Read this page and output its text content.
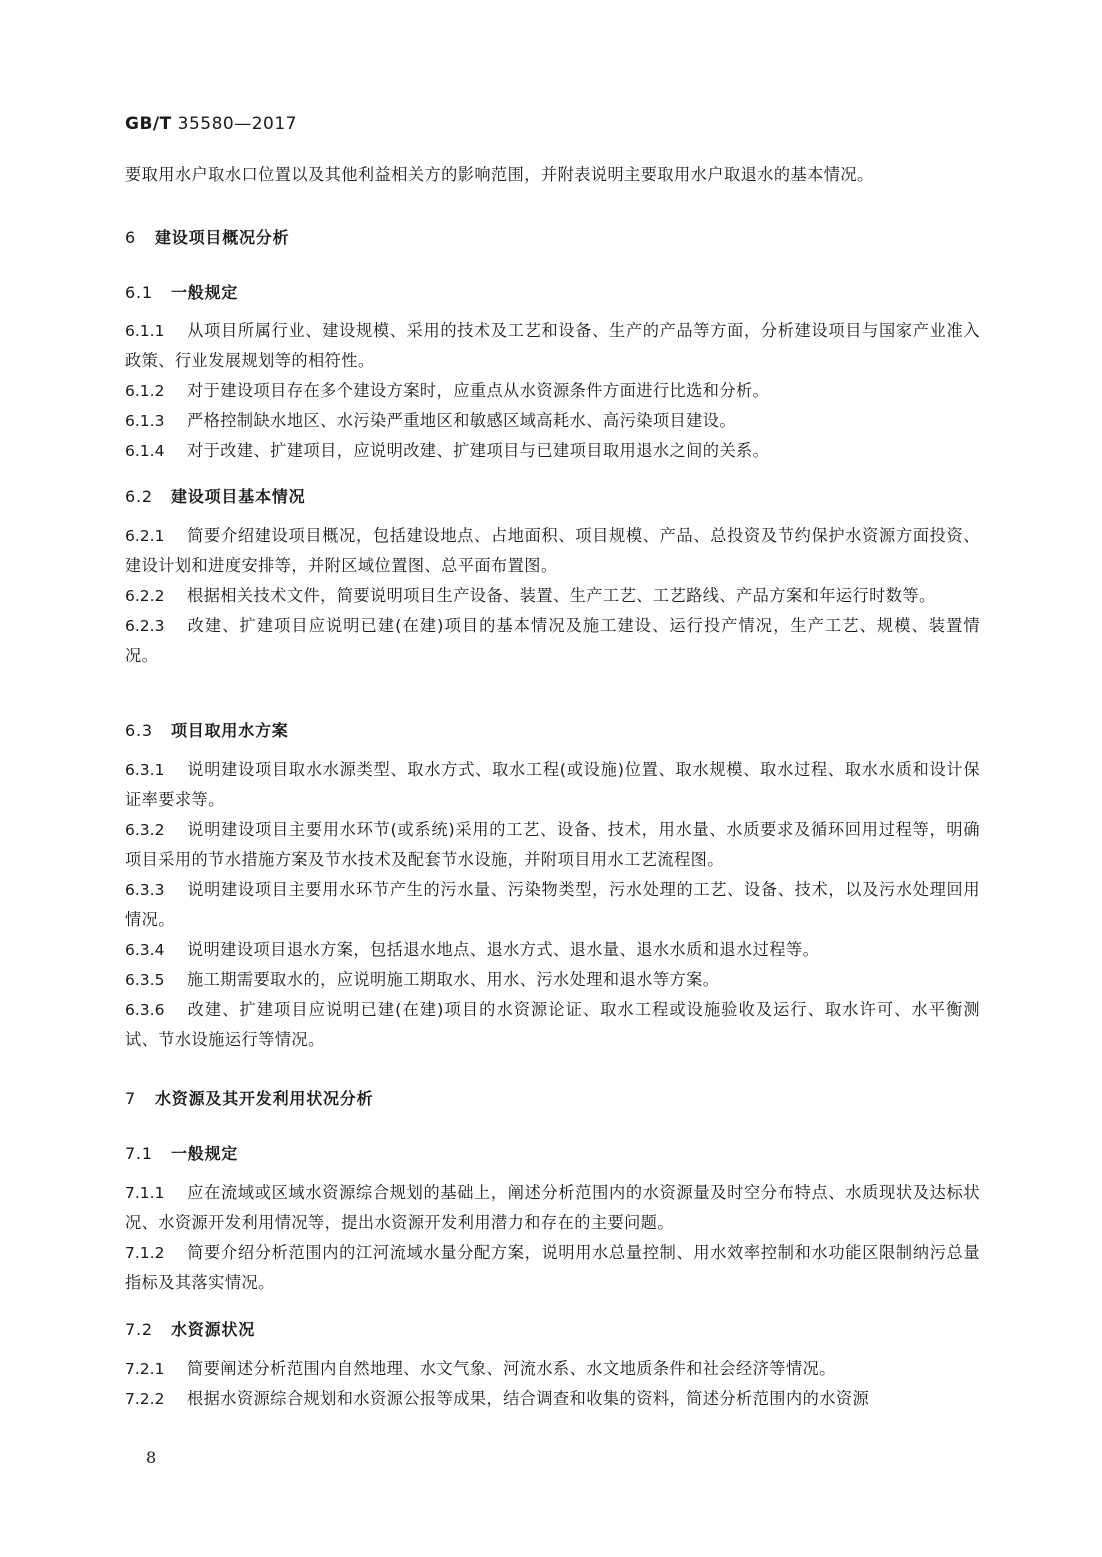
GB/T 35580—2017

要取用水户取水口位置以及其他利益相关方的影响范围，并附表说明主要取用水户取退水的基本情况。

6 建设项目概况分析
6.1 一般规定

6.1.1 从项目所属行业、建设规模、采用的技术及工艺和设备、生产的产品等方面，分析建设项目与国家产业准入政策、行业发展规划等的相符性。

6.1.2 对于建设项目存在多个建设方案时，应重点从水资源条件方面进行比选和分析。

6.1.3 严格控制缺水地区、水污染严重地区和敏感区域高耗水、高污染项目建设。

6.1.4 对于改建、扩建项目，应说明改建、扩建项目与已建项目取用退水之间的关系。

6.2 建设项目基本情况

6.2.1 简要介绍建设项目概况，包括建设地点、占地面积、项目规模、产品、总投资及节约保护水资源方面投资、建设计划和进度安排等，并附区域位置图、总平面布置图。

6.2.2 根据相关技术文件，简要说明项目生产设备、装置、生产工艺、工艺路线、产品方案和年运行时数等。

6.2.3 改建、扩建项目应说明已建(在建)项目的基本情况及施工建设、运行投产情况，生产工艺、规模、装置情况。

6.3 项目取用水方案

6.3.1 说明建设项目取水水源类型、取水方式、取水工程(或设施)位置、取水规模、取水过程、取水水质和设计保证率要求等。

6.3.2 说明建设项目主要用水环节(或系统)采用的工艺、设备、技术，用水量、水质要求及循环回用过程等，明确项目采用的节水措施方案及节水技术及配套节水设施，并附项目用水工艺流程图。

6.3.3 说明建设项目主要用水环节产生的污水量、污染物类型，污水处理的工艺、设备、技术，以及污水处理回用情况。

6.3.4 说明建设项目退水方案，包括退水地点、退水方式、退水量、退水水质和退水过程等。

6.3.5 施工期需要取水的，应说明施工期取水、用水、污水处理和退水等方案。

6.3.6 改建、扩建项目应说明已建(在建)项目的水资源论证、取水工程或设施验收及运行、取水许可、水平衡测试、节水设施运行等情况。

7 水资源及其开发利用状况分析
7.1 一般规定

7.1.1 应在流域或区域水资源综合规划的基础上，阐述分析范围内的水资源量及时空分布特点、水质现状及达标状况、水资源开发利用情况等，提出水资源开发利用潜力和存在的主要问题。

7.1.2 简要介绍分析范围内的江河流域水量分配方案，说明用水总量控制、用水效率控制和水功能区限制纳污总量指标及其落实情况。

7.2 水资源状况

7.2.1 简要阐述分析范围内自然地理、水文气象、河流水系、水文地质条件和社会经济等情况。

7.2.2 根据水资源综合规划和水资源公报等成果，结合调查和收集的资料，简述分析范围内的水资源

8
